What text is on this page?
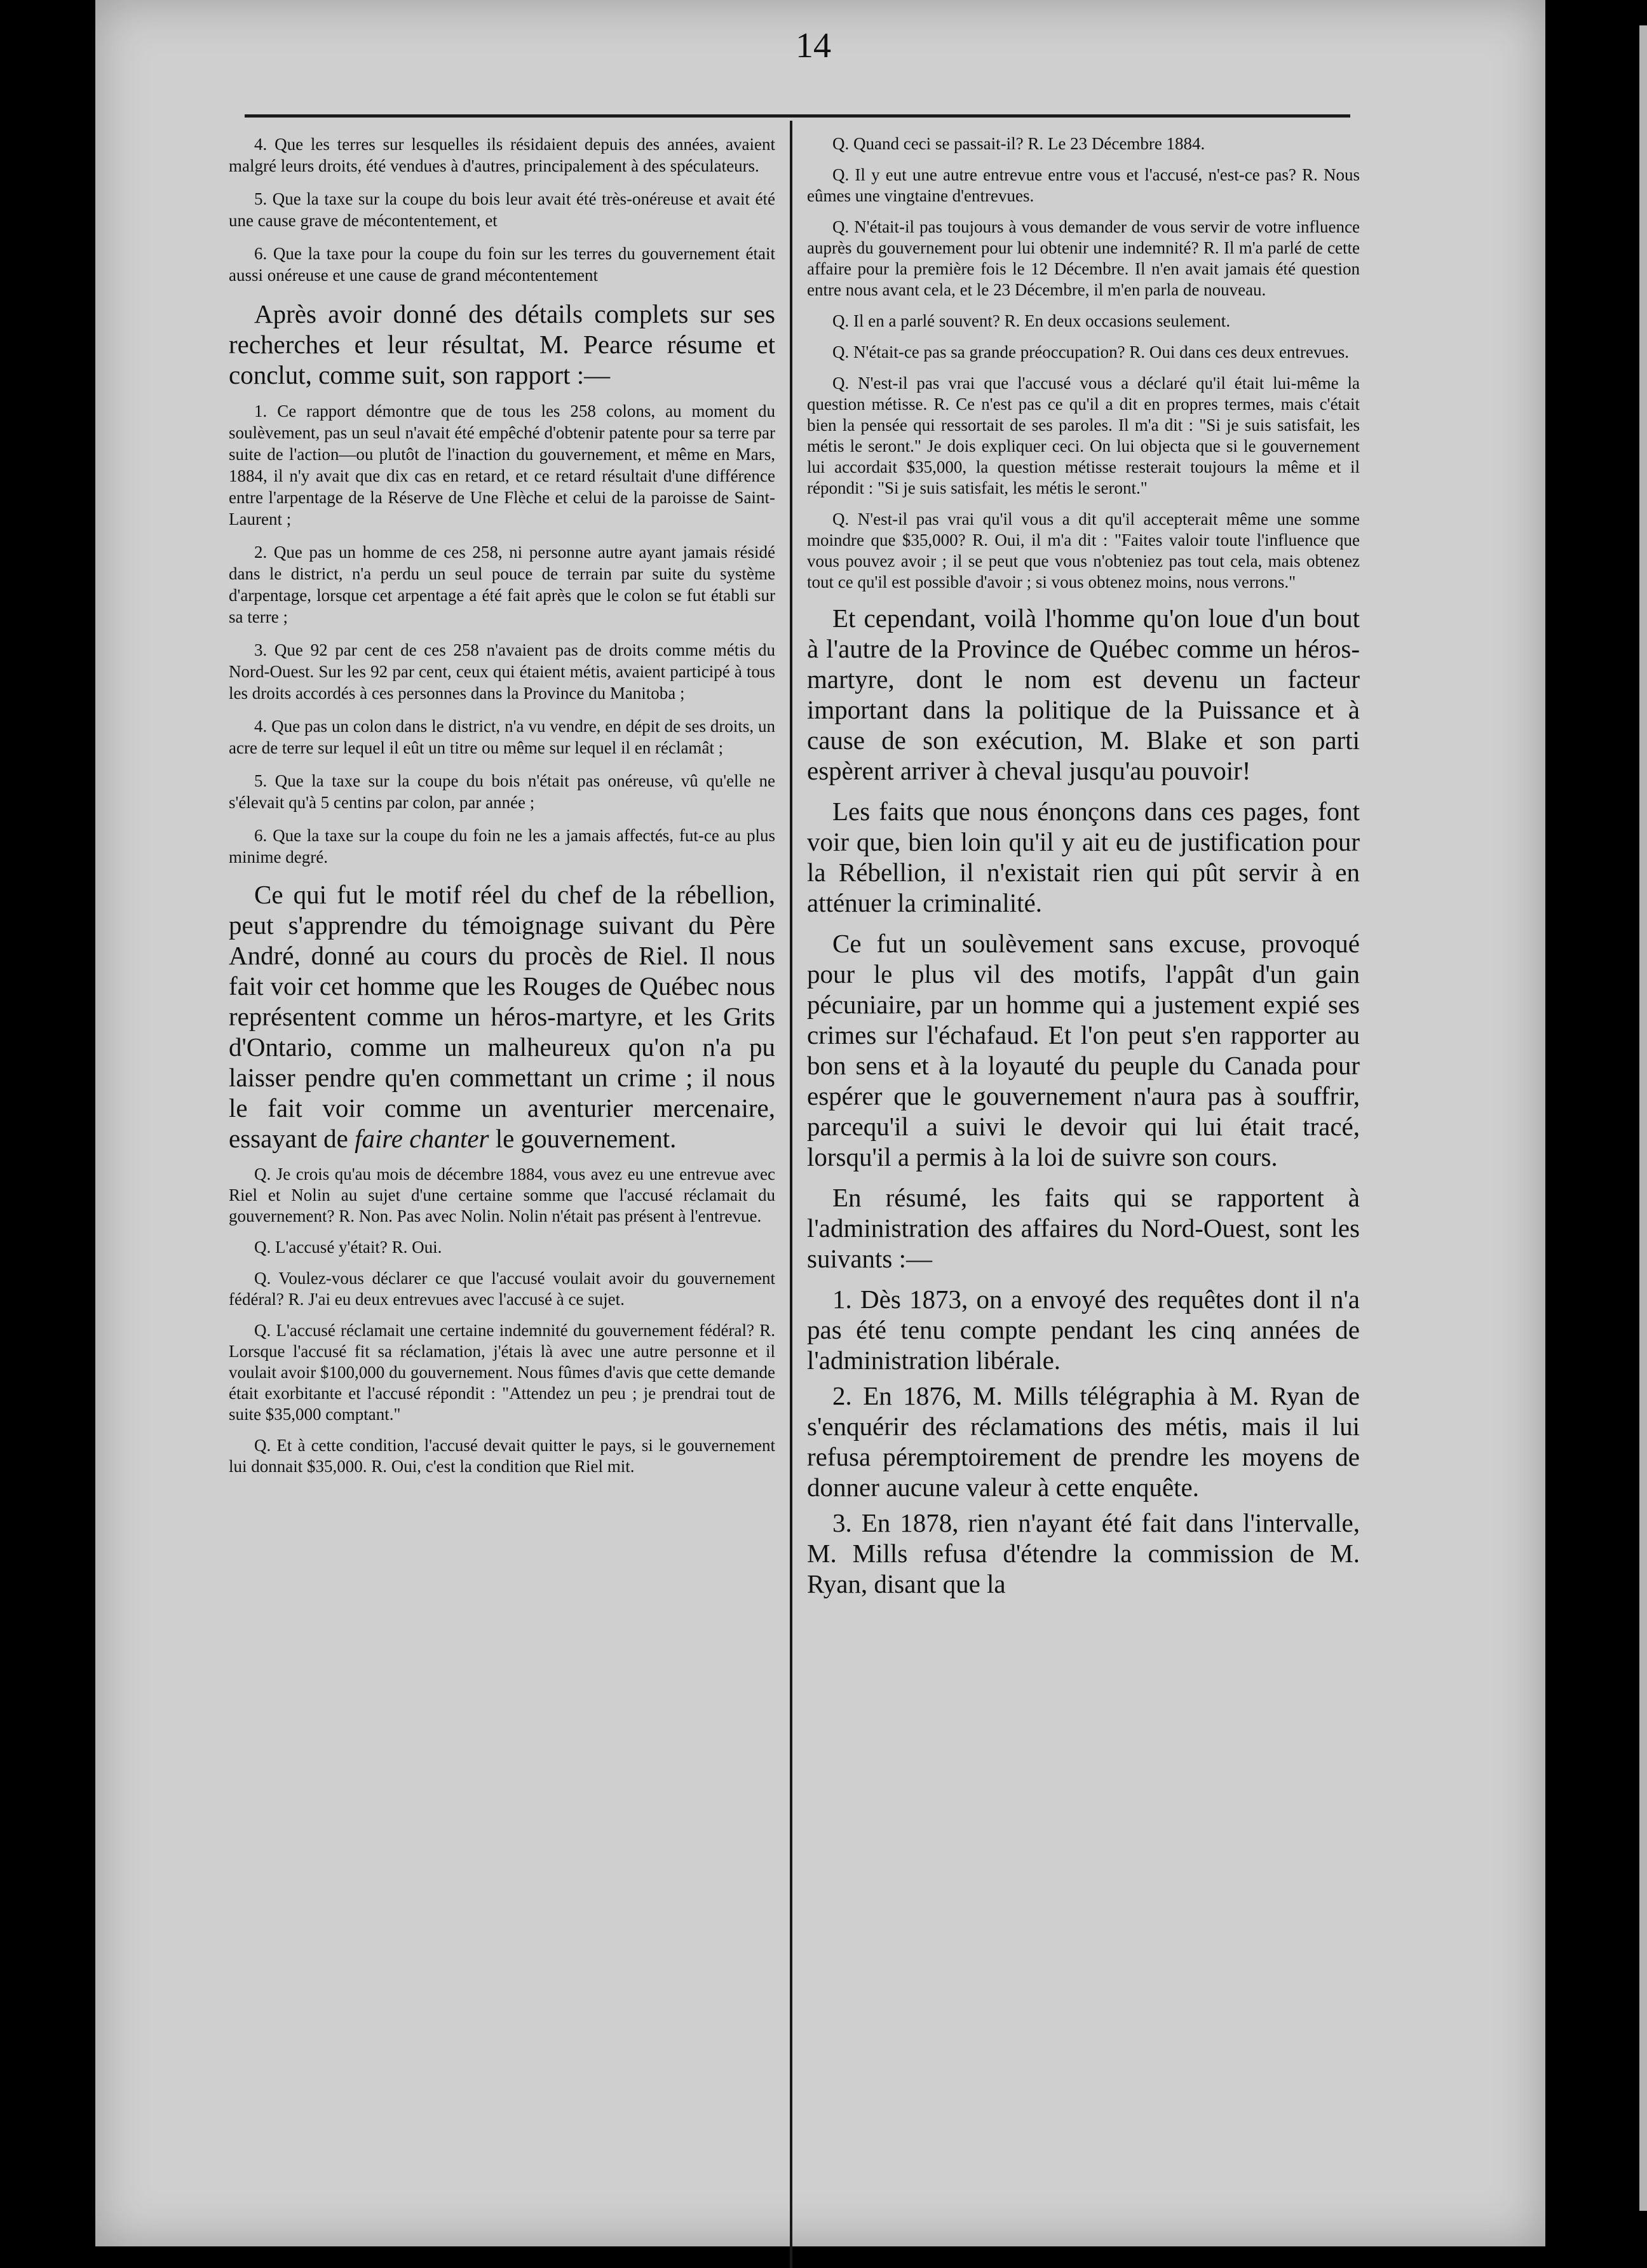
14

4. Que les terres sur lesquelles ils résidaient depuis des années, avaient malgré leurs droits, été vendues à d'autres, principalement à des spéculateurs.

5. Que la taxe sur la coupe du bois leur avait été très-onéreuse et avait été une cause grave de mécontentement, et

6. Que la taxe pour la coupe du foin sur les terres du gouvernement était aussi onéreuse et une cause de grand mécontentement

Après avoir donné des détails complets sur ses recherches et leur résultat, M. Pearce résume et conclut, comme suit, son rapport :—

1. Ce rapport démontre que de tous les 258 colons, au moment du soulèvement, pas un seul n'avait été empêché d'obtenir patente pour sa terre par suite de l'action—ou plutôt de l'inaction du gouvernement, et même en Mars, 1884, il n'y avait que dix cas en retard, et ce retard résultait d'une différence entre l'arpentage de la Réserve de Une Flèche et celui de la paroisse de Saint-Laurent ;

2. Que pas un homme de ces 258, ni personne autre ayant jamais résidé dans le district, n'a perdu un seul pouce de terrain par suite du système d'arpentage, lorsque cet arpentage a été fait après que le colon se fut établi sur sa terre ;

3. Que 92 par cent de ces 258 n'avaient pas de droits comme métis du Nord-Ouest. Sur les 92 par cent, ceux qui étaient métis, avaient participé à tous les droits accordés à ces personnes dans la Province du Manitoba ;

4. Que pas un colon dans le district, n'a vu vendre, en dépit de ses droits, un acre de terre sur lequel il eût un titre ou même sur lequel il en réclamât ;

5. Que la taxe sur la coupe du bois n'était pas onéreuse, vû qu'elle ne s'élevait qu'à 5 centins par colon, par année ;

6. Que la taxe sur la coupe du foin ne les a jamais affectés, fut-ce au plus minime degré.

Ce qui fut le motif réel du chef de la rébellion, peut s'apprendre du témoignage suivant du Père André, donné au cours du procès de Riel. Il nous fait voir cet homme que les Rouges de Québec nous représentent comme un héros-martyre, et les Grits d'Ontario, comme un malheureux qu'on n'a pu laisser pendre qu'en commettant un crime ; il nous le fait voir comme un aventurier mercenaire, essayant de faire chanter le gouvernement.

Q. Je crois qu'au mois de décembre 1884, vous avez eu une entrevue avec Riel et Nolin au sujet d'une certaine somme que l'accusé réclamait du gouvernement? R. Non. Pas avec Nolin. Nolin n'était pas présent à l'entrevue.

Q. L'accusé y'était? R. Oui.

Q. Voulez-vous déclarer ce que l'accusé voulait avoir du gouvernement fédéral? R. J'ai eu deux entrevues avec l'accusé à ce sujet.

Q. L'accusé réclamait une certaine indemnité du gouvernement fédéral? R. Lorsque l'accusé fit sa réclamation, j'étais là avec une autre personne et il voulait avoir $100,000 du gouvernement. Nous fûmes d'avis que cette demande était exorbitante et l'accusé répondit : "Attendez un peu ; je prendrai tout de suite $35,000 comptant."

Q. Et à cette condition, l'accusé devait quitter le pays, si le gouvernement lui donnait $35,000. R. Oui, c'est la condition que Riel mit.

Q. Quand ceci se passait-il? R. Le 23 Décembre 1884.

Q. Il y eut une autre entrevue entre vous et l'accusé, n'est-ce pas? R. Nous eûmes une vingtaine d'entrevues.

Q. N'était-il pas toujours à vous demander de vous servir de votre influence auprès du gouvernement pour lui obtenir une indemnité? R. Il m'a parlé de cette affaire pour la première fois le 12 Décembre. Il n'en avait jamais été question entre nous avant cela, et le 23 Décembre, il m'en parla de nouveau.

Q. Il en a parlé souvent? R. En deux occasions seulement.

Q. N'était-ce pas sa grande préoccupation? R. Oui dans ces deux entrevues.

Q. N'est-il pas vrai que l'accusé vous a déclaré qu'il était lui-même la question métisse. R. Ce n'est pas ce qu'il a dit en propres termes, mais c'était bien la pensée qui ressortait de ses paroles. Il m'a dit : "Si je suis satisfait, les métis le seront." Je dois expliquer ceci. On lui objecta que si le gouvernement lui accordait $35,000, la question métisse resterait toujours la même et il répondit : "Si je suis satisfait, les métis le seront."

Q. N'est-il pas vrai qu'il vous a dit qu'il accepterait même une somme moindre que $35,000? R. Oui, il m'a dit : "Faites valoir toute l'influence que vous pouvez avoir ; il se peut que vous n'obteniez pas tout cela, mais obtenez tout ce qu'il est possible d'avoir ; si vous obtenez moins, nous verrons."

Et cependant, voilà l'homme qu'on loue d'un bout à l'autre de la Province de Québec comme un héros-martyre, dont le nom est devenu un facteur important dans la politique de la Puissance et à cause de son exécution, M. Blake et son parti espèrent arriver à cheval jusqu'au pouvoir!

Les faits que nous énonçons dans ces pages, font voir que, bien loin qu'il y ait eu de justification pour la Rébellion, il n'existait rien qui pût servir à en atténuer la criminalité.

Ce fut un soulèvement sans excuse, provoqué pour le plus vil des motifs, l'appât d'un gain pécuniaire, par un homme qui a justement expié ses crimes sur l'échafaud. Et l'on peut s'en rapporter au bon sens et à la loyauté du peuple du Canada pour espérer que le gouvernement n'aura pas à souffrir, parcequ'il a suivi le devoir qui lui était tracé, lorsqu'il a permis à la loi de suivre son cours.

En résumé, les faits qui se rapportent à l'administration des affaires du Nord-Ouest, sont les suivants :—

1. Dès 1873, on a envoyé des requêtes dont il n'a pas été tenu compte pendant les cinq années de l'administration libérale.

2. En 1876, M. Mills télégraphia à M. Ryan de s'enquérir des réclamations des métis, mais il lui refusa péremptoirement de prendre les moyens de donner aucune valeur à cette enquête.

3. En 1878, rien n'ayant été fait dans l'intervalle, M. Mills refusa d'étendre la commission de M. Ryan, disant que la
